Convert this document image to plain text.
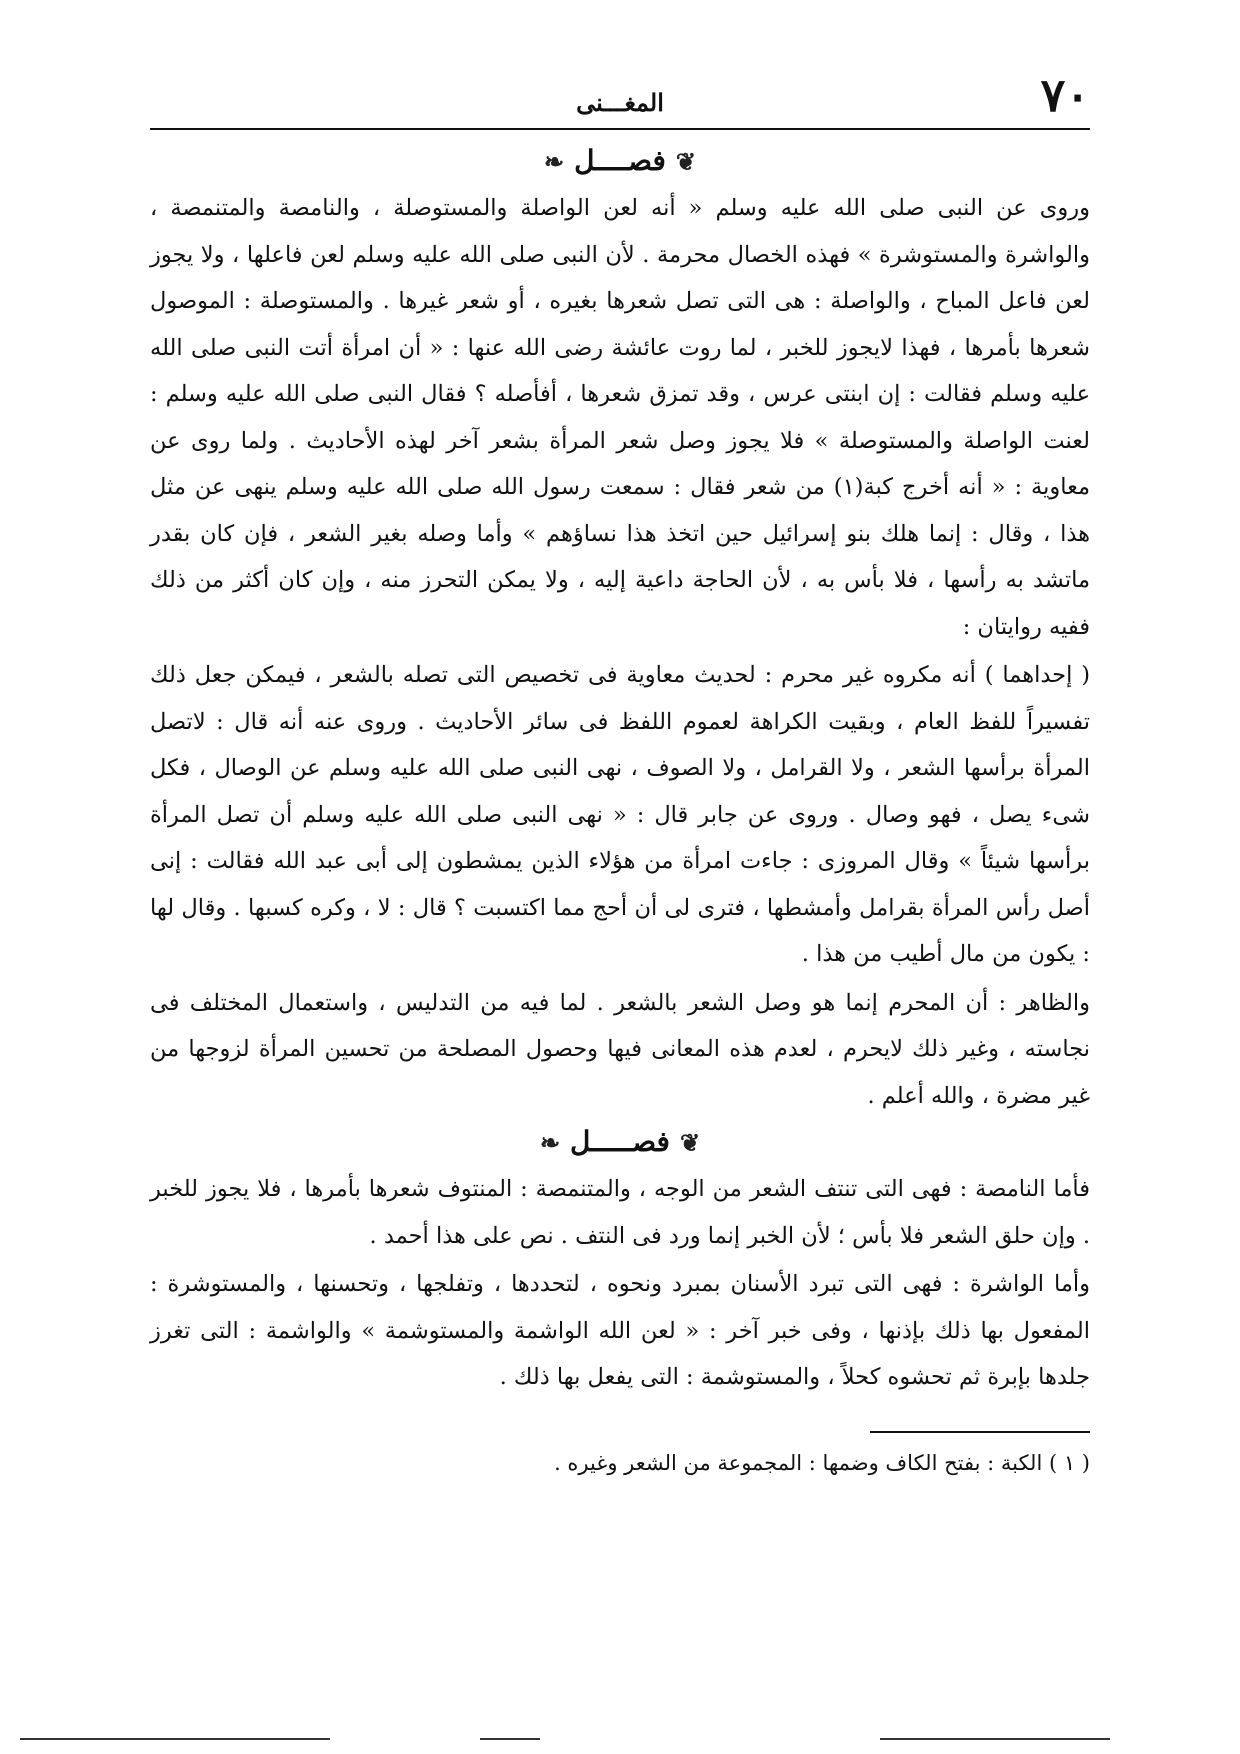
٧٠
المغـــنى
❦فصــــل❧

وروى عن النبى صلى الله عليه وسلم « أنه لعن الواصلة والمستوصلة ، والنامصة والمتنمصة ، والواشرة والمستوشرة » فهذه الخصال محرمة . لأن النبى صلى الله عليه وسلم لعن فاعلها ، ولا يجوز لعن فاعل المباح ، والواصلة : هى التى تصل شعرها بغيره ، أو شعر غيرها . والمستوصلة : الموصول شعرها بأمرها ، فهذا لايجوز للخبر ، لما روت عائشة رضى الله عنها : « أن امرأة أتت النبى صلى الله عليه وسلم فقالت : إن ابنتى عرس ، وقد تمزق شعرها ، أفأصله ؟ فقال النبى صلى الله عليه وسلم : لعنت الواصلة والمستوصلة » فلا يجوز وصل شعر المرأة بشعر آخر لهذه الأحاديث . ولما روى عن معاوية : « أنه أخرج كبة(١) من شعر فقال : سمعت رسول الله صلى الله عليه وسلم ينهى عن مثل هذا ، وقال : إنما هلك بنو إسرائيل حين اتخذ هذا نساؤهم » وأما وصله بغير الشعر ، فإن كان بقدر ماتشد به رأسها ، فلا بأس به ، لأن الحاجة داعية إليه ، ولا يمكن التحرز منه ، وإن كان أكثر من ذلك ففيه روايتان :

( إحداهما ) أنه مكروه غير محرم : لحديث معاوية فى تخصيص التى تصله بالشعر ، فيمكن جعل ذلك تفسيراً للفظ العام ، وبقيت الكراهة لعموم اللفظ فى سائر الأحاديث . وروى عنه أنه قال : لاتصل المرأة برأسها الشعر ، ولا القرامل ، ولا الصوف ، نهى النبى صلى الله عليه وسلم عن الوصال ، فكل شىء يصل ، فهو وصال . وروى عن جابر قال : « نهى النبى صلى الله عليه وسلم أن تصل المرأة برأسها شيئاً » وقال المروزى : جاءت امرأة من هؤلاء الذين يمشطون إلى أبى عبد الله فقالت : إنى أصل رأس المرأة بقرامل وأمشطها ، فترى لى أن أحج مما اكتسبت ؟ قال : لا ، وكره كسبها . وقال لها : يكون من مال أطيب من هذا .

والظاهر : أن المحرم إنما هو وصل الشعر بالشعر . لما فيه من التدليس ، واستعمال المختلف فى نجاسته ، وغير ذلك لايحرم ، لعدم هذه المعانى فيها وحصول المصلحة من تحسين المرأة لزوجها من غير مضرة ، والله أعلم .

❦فصـــــل❧

فأما النامصة : فهى التى تنتف الشعر من الوجه ، والمتنمصة : المنتوف شعرها بأمرها ، فلا يجوز للخبر . وإن حلق الشعر فلا بأس ؛ لأن الخبر إنما ورد فى النتف . نص على هذا أحمد .

وأما الواشرة : فهى التى تبرد الأسنان بمبرد ونحوه ، لتحددها ، وتفلجها ، وتحسنها ، والمستوشرة : المفعول بها ذلك بإذنها ، وفى خبر آخر : « لعن الله الواشمة والمستوشمة » والواشمة : التى تغرز جلدها بإبرة ثم تحشوه كحلاً ، والمستوشمة : التى يفعل بها ذلك .

( ١ ) الكبة : بفتح الكاف وضمها : المجموعة من الشعر وغيره .
